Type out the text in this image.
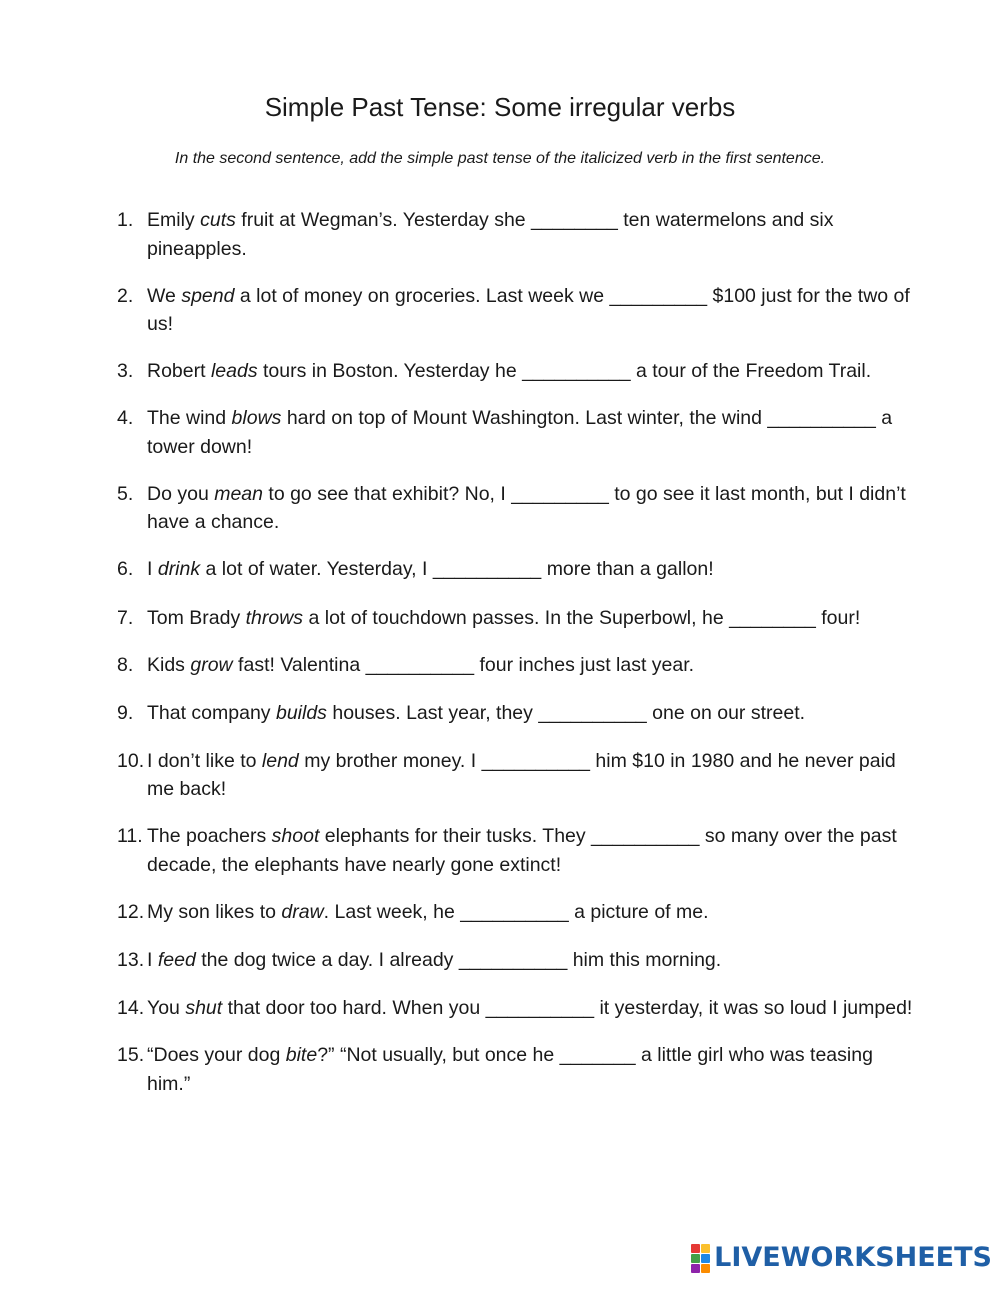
Simple Past Tense: Some irregular verbs
In the second sentence, add the simple past tense of the italicized verb in the first sentence.
1. Emily cuts fruit at Wegman’s. Yesterday she ________ ten watermelons and six pineapples.
2. We spend a lot of money on groceries. Last week we _________ $100 just for the two of us!
3. Robert leads tours in Boston. Yesterday he __________ a tour of the Freedom Trail.
4. The wind blows hard on top of Mount Washington. Last winter, the wind __________ a tower down!
5. Do you mean to go see that exhibit? No, I _________ to go see it last month, but I didn’t have a chance.
6. I drink a lot of water. Yesterday, I __________ more than a gallon!
7. Tom Brady throws a lot of touchdown passes. In the Superbowl, he ________ four!
8. Kids grow fast! Valentina __________ four inches just last year.
9. That company builds houses. Last year, they __________ one on our street.
10. I don’t like to lend my brother money. I __________ him $10 in 1980 and he never paid me back!
11. The poachers shoot elephants for their tusks. They __________ so many over the past decade, the elephants have nearly gone extinct!
12. My son likes to draw. Last week, he __________ a picture of me.
13. I feed the dog twice a day. I already __________ him this morning.
14. You shut that door too hard. When you __________ it yesterday, it was so loud I jumped!
15. “Does your dog bite?” “Not usually, but once he _______ a little girl who was teasing him.”
LIVEWORKSHEETS
